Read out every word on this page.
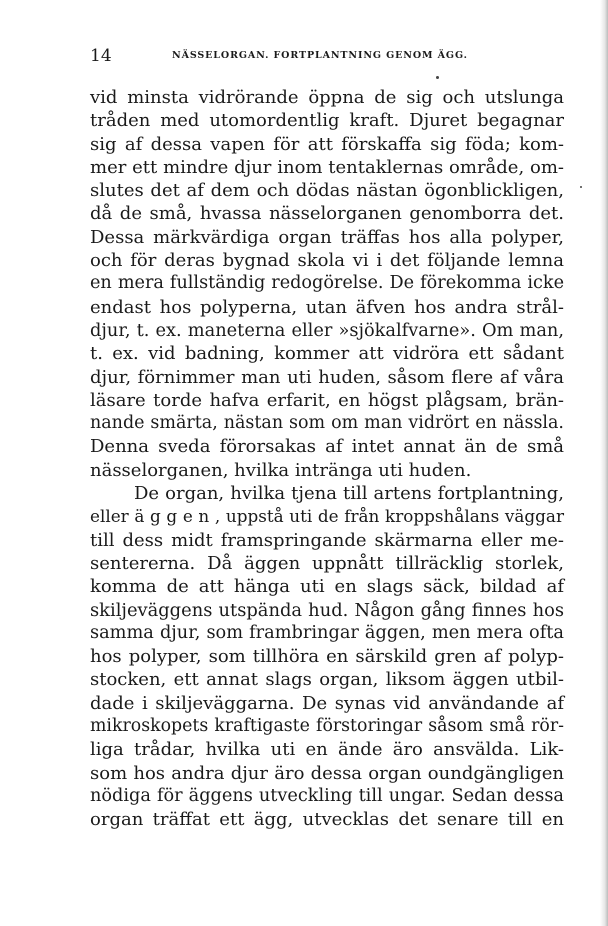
14	NÄSSELORGAN. FORTPLANTNING GENOM ÄGG.
vid minsta vidrörande öppna de sig och utslunga
tråden med utomordentlig kraft. Djuret begagnar
sig af dessa vapen för att förskaffa sig föda; kom-
mer ett mindre djur inom tentaklernas område, om-
slutes det af dem och dödas nästan ögonblickligen,
då de små, hvassa nässelorganen genomborra det.
Dessa märkvärdiga organ träffas hos alla polyper,
och för deras bygnad skola vi i det följande lemna
en mera fullständig redogörelse. De förekomma icke
endast hos polyperna, utan äfven hos andra strål-
djur, t. ex. maneterna eller »sjökalfvarne». Om man,
t. ex. vid badning, kommer att vidröra ett sådant
djur, förnimmer man uti huden, såsom flere af våra
läsare torde hafva erfarit, en högst plågsam, brän-
nande smärta, nästan som om man vidrört en nässla.
Denna sveda förorsakas af intet annat än de små
nässelorganen, hvilka intränga uti huden.
De organ, hvilka tjena till artens fortplantning,
eller ä g g e n , uppstå uti de från kroppshålans väggar
till dess midt framspringande skärmarna eller me-
sentererna. Då äggen uppnått tillräcklig storlek,
komma de att hänga uti en slags säck, bildad af
skiljeväggens utspända hud. Någon gång finnes hos
samma djur, som frambringar äggen, men mera ofta
hos polyper, som tillhöra en särskild gren af polyp-
stocken, ett annat slags organ, liksom äggen utbil-
dade i skiljeväggarna. De synas vid användande af
mikroskopets kraftigaste förstoringar såsom små rör-
liga trådar, hvilka uti en ände äro ansvälda. Lik-
som hos andra djur äro dessa organ oundgängligen
nödiga för äggens utveckling till ungar. Sedan dessa
organ träffat ett ägg, utvecklas det senare till en
